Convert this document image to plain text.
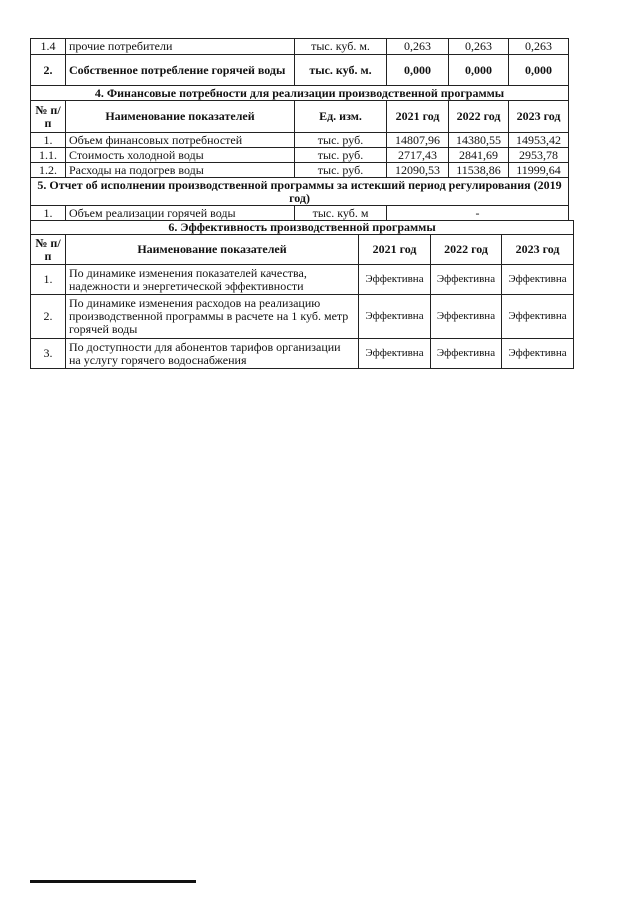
1.4	прочие потребители	тыс. куб. м.	0,263	0,263	0,263
2.	Собственное потребление горячей воды	тыс. куб. м.	0,000	0,000	0,000
4. Финансовые потребности для реализации производственной программы					
№ п/п	Наименование показателей	Ед. изм.	2021 год	2022 год	2023 год
1.	Объем финансовых потребностей	тыс. руб.	14807,96	14380,55	14953,42
1.1.	Стоимость холодной воды	тыс. руб.	2717,43	2841,69	2953,78
1.2.	Расходы на подогрев воды	тыс. руб.	12090,53	11538,86	11999,64
5. Отчет об исполнении производственной программы за истекший период регулирования (2019 год)					
1.	Объем реализации горячей воды	тыс. куб. м	-		
6. Эффективность производственной программы				
№ п/п	Наименование показателей	2021 год	2022 год	2023 год
1.	По динамике изменения показателей качества, надежности и энергетической эффективности	Эффективна	Эффективна	Эффективна
2.	По динамике изменения расходов на реализацию производственной программы в расчете на 1 куб. метр горячей воды	Эффективна	Эффективна	Эффективна
3.	По доступности для абонентов тарифов организации на услугу горячего водоснабжения	Эффективна	Эффективна	Эффективна
